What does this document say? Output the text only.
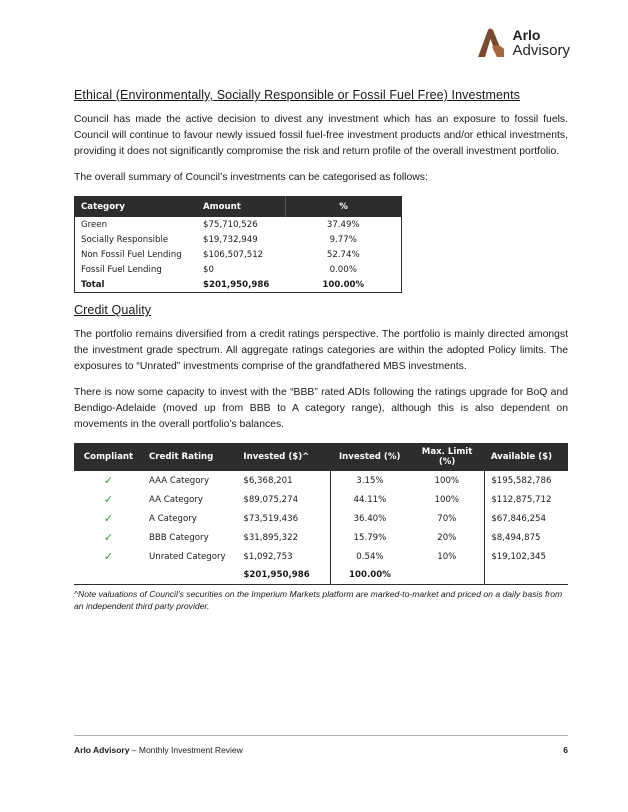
Arlo
Advisory
Ethical (Environmentally, Socially Responsible or Fossil Fuel Free) Investments

Council has made the active decision to divest any investment which has an exposure to fossil fuels. Council will continue to favour newly issued fossil fuel-free investment products and/or ethical investments, providing it does not significantly compromise the risk and return profile of the overall investment portfolio.

The overall summary of Council’s investments can be categorised as follows:

Category	Amount	%
Green	$75,710,526	37.49%
Socially Responsible	$19,732,949	9.77%
Non Fossil Fuel Lending	$106,507,512	52.74%
Fossil Fuel Lending	$0	0.00%
Total	$201,950,986	100.00%
Credit Quality

The portfolio remains diversified from a credit ratings perspective. The portfolio is mainly directed amongst the investment grade spectrum. All aggregate ratings categories are within the adopted Policy limits. The exposures to “Unrated” investments comprise of the grandfathered MBS investments.

There is now some capacity to invest with the “BBB” rated ADIs following the ratings upgrade for BoQ and Bendigo-Adelaide (moved up from BBB to A category range), although this is also dependent on movements in the overall portfolio’s balances.

Compliant	Credit Rating	Invested ($)^	Invested (%)	Max. Limit (%)	Available ($)
✓	AAA Category	$6,368,201	3.15%	100%	$195,582,786
✓	AA Category	$89,075,274	44.11%	100%	$112,875,712
✓	A Category	$73,519,436	36.40%	70%	$67,846,254
✓	BBB Category	$31,895,322	15.79%	20%	$8,494,875
✓	Unrated Category	$1,092,753	0.54%	10%	$19,102,345
		$201,950,986	100.00%		
^Note valuations of Council’s securities on the Imperium Markets platform are marked-to-market and priced on a daily basis from an independent third party provider.
Arlo Advisory – Monthly Investment Review	6
